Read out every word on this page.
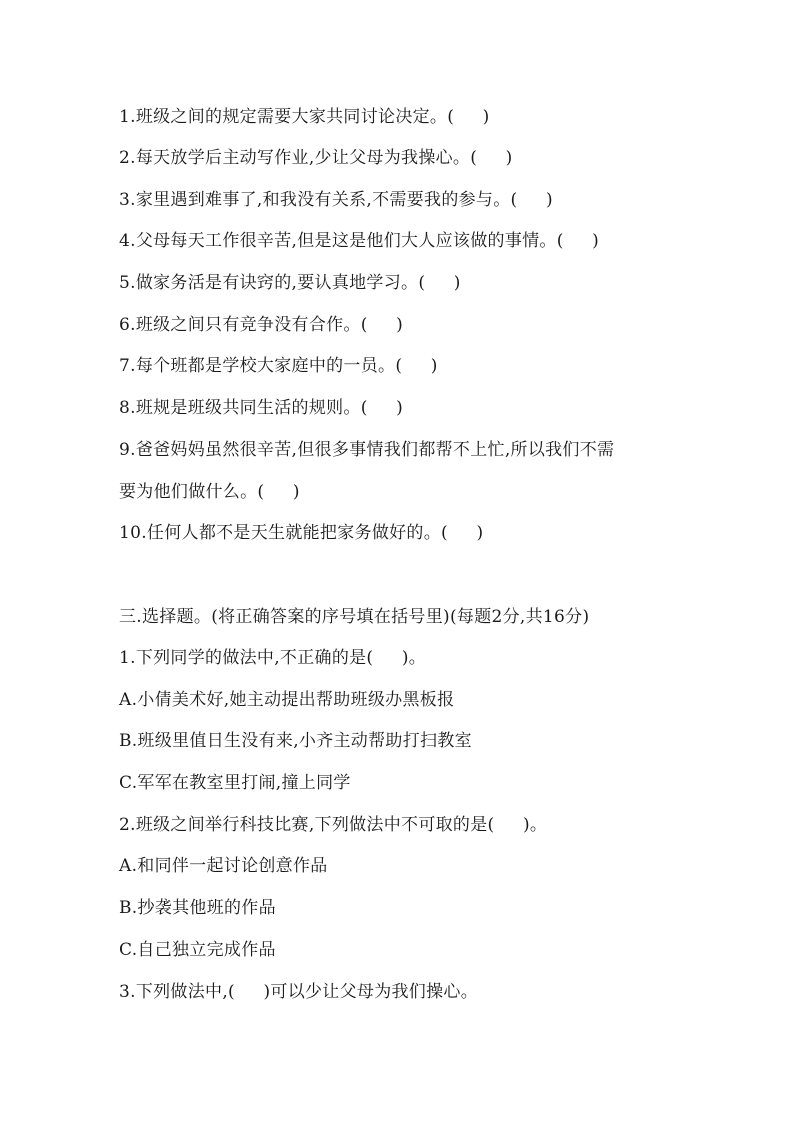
1.班级之间的规定需要大家共同讨论决定。(     )
2.每天放学后主动写作业,少让父母为我操心。(     )
3.家里遇到难事了,和我没有关系,不需要我的参与。(     )
4.父母每天工作很辛苦,但是这是他们大人应该做的事情。(     )
5.做家务活是有诀窍的,要认真地学习。(     )
6.班级之间只有竞争没有合作。(     )
7.每个班都是学校大家庭中的一员。(     )
8.班规是班级共同生活的规则。(     )
9.爸爸妈妈虽然很辛苦,但很多事情我们都帮不上忙,所以我们不需
要为他们做什么。(     )
10.任何人都不是天生就能把家务做好的。(     )
三.选择题。(将正确答案的序号填在括号里)(每题2分,共16分)
1.下列同学的做法中,不正确的是(     )。
A.小倩美术好,她主动提出帮助班级办黑板报
B.班级里值日生没有来,小齐主动帮助打扫教室
C.军军在教室里打闹,撞上同学
2.班级之间举行科技比赛,下列做法中不可取的是(     )。
A.和同伴一起讨论创意作品
B.抄袭其他班的作品
C.自己独立完成作品
3.下列做法中,(     )可以少让父母为我们操心。
